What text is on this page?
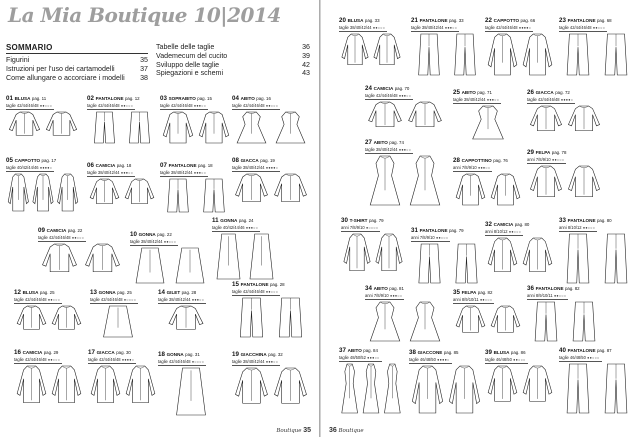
La Mia Boutique 10|2014
SOMMARIO
Figurini	35
Istruzioni per l'uso dei cartamodelli	37
Come allungare o accorciare i modelli 38
Tabelle delle taglie	36
Vademecum del cucito	39
Sviluppo delle taglie	42
Spiegazioni e schemi	43
01 BLUSA pag. 11
taglie 42/44/46/48 ●●○○○
02 PANTALONE pag. 12
taglie 42/44/46/48 ●●○○○
03 SOPRABITO pag. 15
taglie 42/44/46/48 ●●●○○
04 ABITO pag. 16
taglie 42/44/46/48 ●●○○○
05 CAPPOTTO pag. 17
taglie 40/42/44/46 ●●●●○	06 CAMICIA pag. 18
taglie 38/40/42/44 ●●●○○
07 PANTALONE pag. 18
taglie 38/40/42/44 ●●●○○
08 GIACCA pag. 19
taglie 38/40/42/44 ●●●●○
09 CAMICIA pag. 22
taglie 42/44/46/48 ●●○○○	10 GONNA pag. 22
taglie 38/40/42/44 ●●○○○
11 GONNA pag. 24
taglie 40/42/44/46 ●●●○○
12 BLUSA pag. 25
taglie 42/44/46/48 ●●○○○
13 GONNA pag. 25
taglie 42/44/46/48 ●○○○○
14 GILET pag. 28
taglie 38/40/42/44 ●●●○○
15 PANTALONE pag. 28
taglie 42/44/46/48 ●●○○○
16 CAMICIA pag. 29
taglie 42/44/46/48 ●●○○○
17 GIACCA pag. 30
taglie 42/44/46/48 ●●●●○
18 GONNA pag. 31
taglie 42/44/46/48 ●○○○○
19 GIACCHINA pag. 32
taglie 38/40/42/44 ●●●○○
Boutique 35
20 BLUSA pag. 33
taglie 38/40/42/44 ●●○○○
21 PANTALONE pag. 33
taglie 38/40/42/44 ●●●○○
22 CAPPOTTO pag. 66
taglie 42/44/46/48 ●●●●○
23 PANTALONE pag. 68
taglie 42/44/46/48 ●●○○○
24 CAMICIA pag. 70
taglie 42/44/46/48 ●●●○○	25 ABITO pag. 71
taglie 38/40/42/44 ●●●○○
26 GIACCA pag. 72
taglie 42/44/46/48 ●●●●○
27 ABITO pag. 74
taglie 38/40/42/44 ●●●○○
28 CAPPOTTINO pag. 76
anni 7/8/9/10 ●●●○○
29 FELPA pag. 78
anni 7/8/9/10 ●●○○○
30 T-SHIRT pag. 79
anni 7/8/9/10 ●○○○○	31 PANTALONE pag. 79
anni 7/8/9/10 ●●○○○
32 CAMICIA pag. 80
anni 8/10/12 ●●○○○
33 PANTALONE pag. 80
anni 8/10/12 ●●○○○
34 ABITO pag. 81
anni 7/8/9/10 ●●●○○	35 FELPA pag. 82
anni 8/9/10/11 ●●○○○
36 PANTALONE pag. 82
anni 8/9/10/11 ●●○○○
37 ABITO pag. 84
taglie 48/50/52 ●●●○○
38 GIACCONE pag. 85
taglie 46/48/50 ●●●●○
39 BLUSA pag. 86
taglie 46/48/50 ●●○○○
40 PANTALONE pag. 87
taglie 46/48/50 ●●○○○
36 Boutique
